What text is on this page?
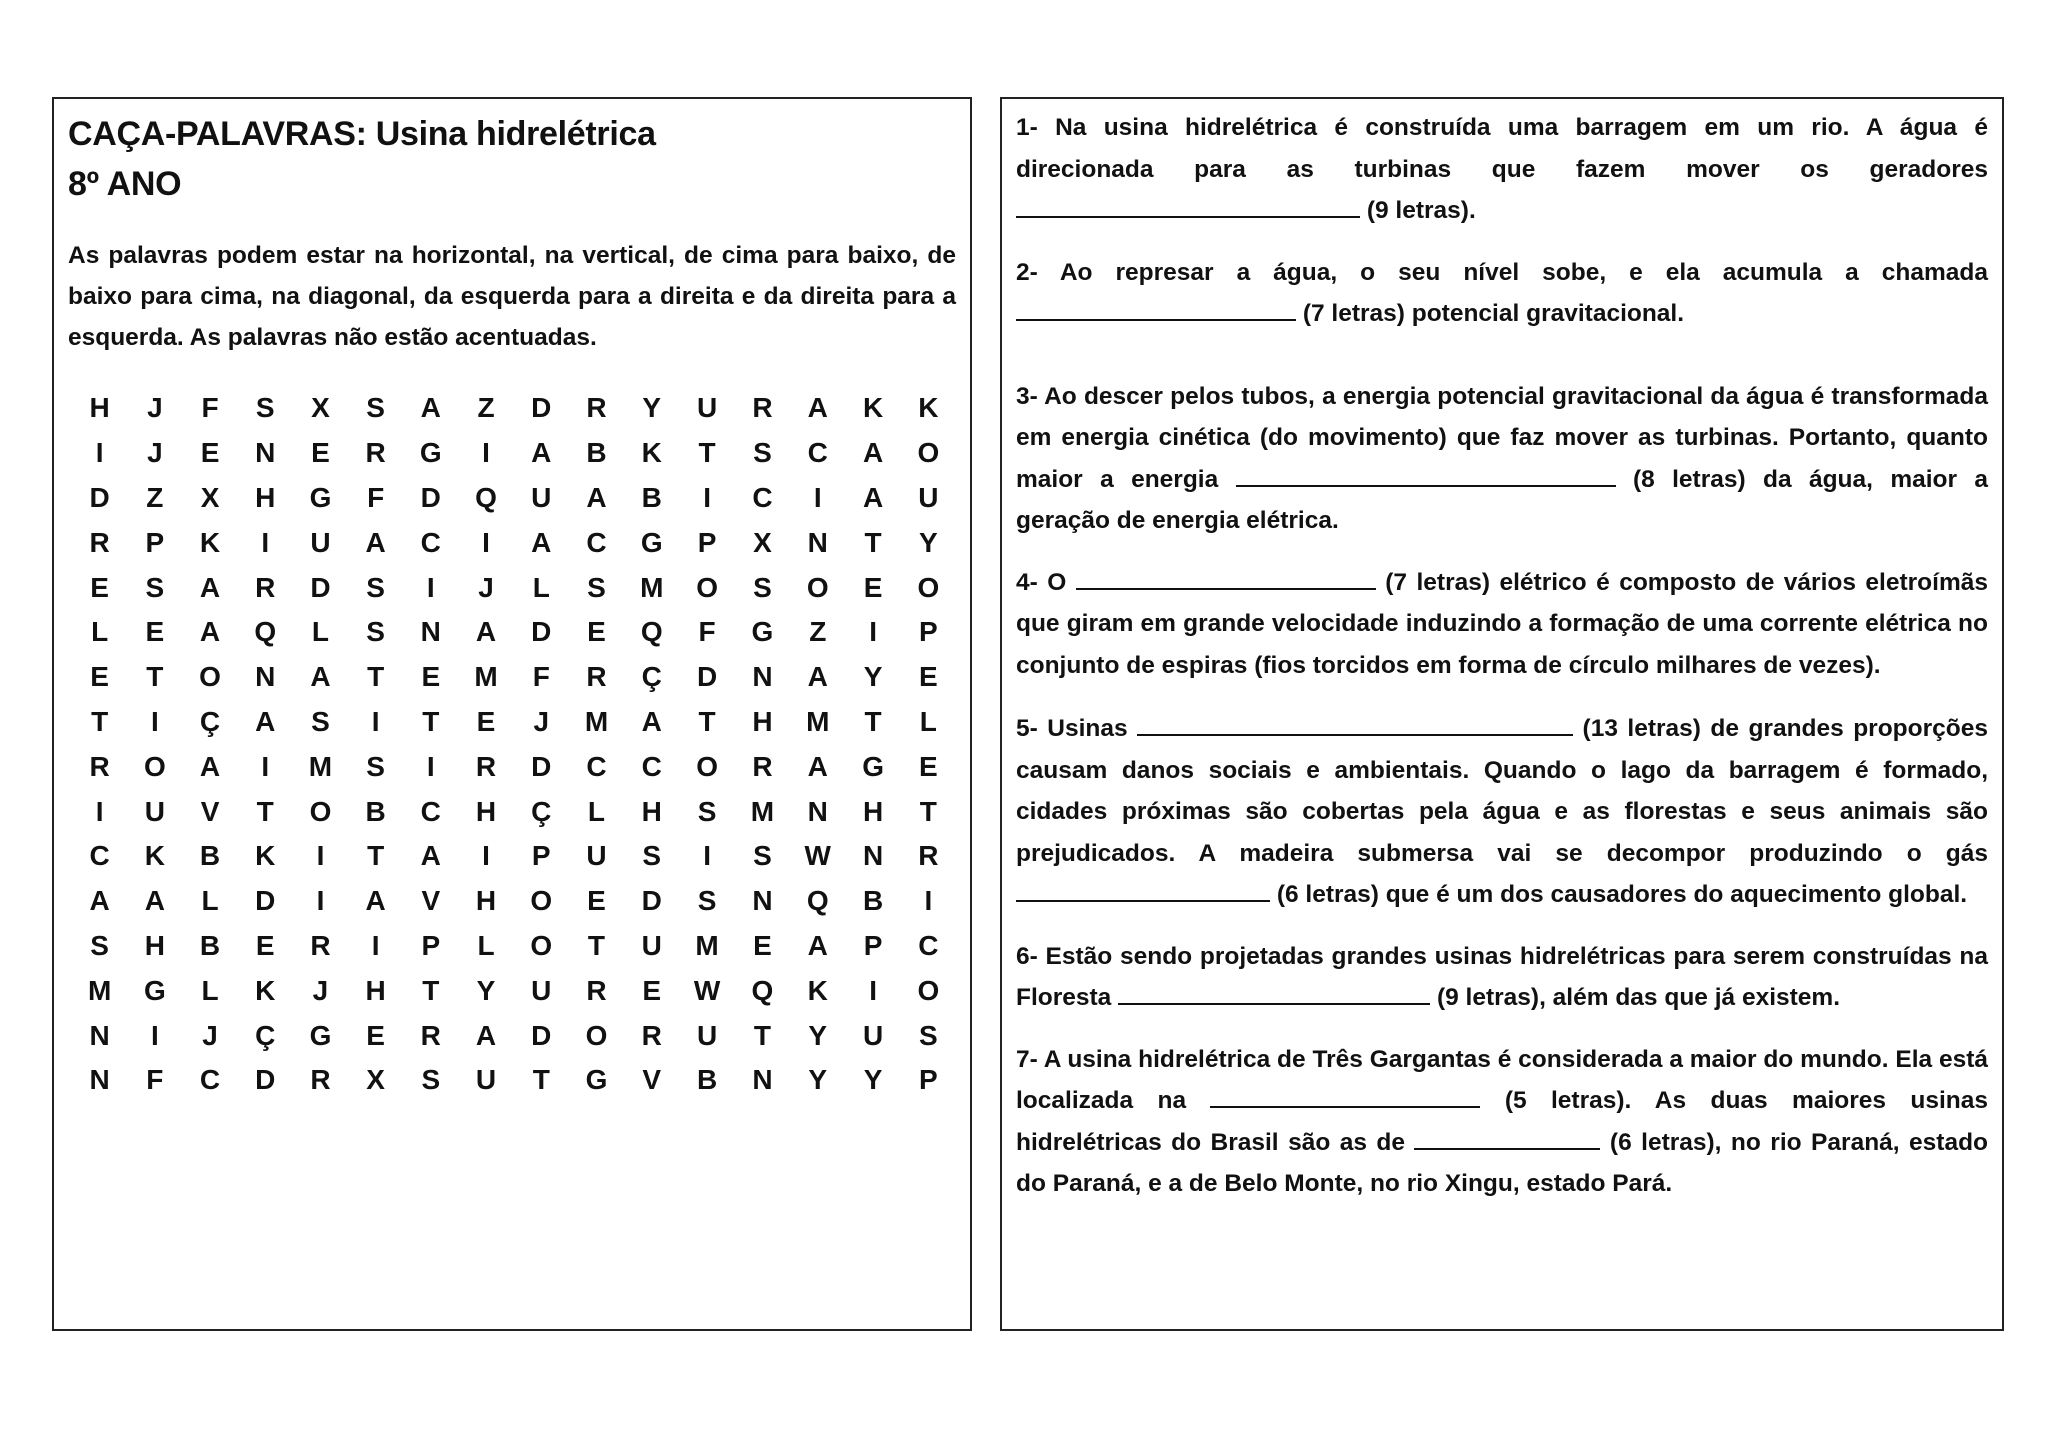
CAÇA-PALAVRAS: Usina hidrelétrica
8º ANO
As palavras podem estar na horizontal, na vertical, de cima para baixo, de baixo para cima, na diagonal, da esquerda para a direita e da direita para a esquerda. As palavras não estão acentuadas.
H	J	F	S	X	S	A	Z	D	R	Y	U	R	A	K	K
I	J	E	N	E	R	G	I	A	B	K	T	S	C	A	O
D	Z	X	H	G	F	D	Q	U	A	B	I	C	I	A	U
R	P	K	I	U	A	C	I	A	C	G	P	X	N	T	Y
E	S	A	R	D	S	I	J	L	S	M	O	S	O	E	O
L	E	A	Q	L	S	N	A	D	E	Q	F	G	Z	I	P
E	T	O	N	A	T	E	M	F	R	Ç	D	N	A	Y	E
T	I	Ç	A	S	I	T	E	J	M	A	T	H	M	T	L
R	O	A	I	M	S	I	R	D	C	C	O	R	A	G	E
I	U	V	T	O	B	C	H	Ç	L	H	S	M	N	H	T
C	K	B	K	I	T	A	I	P	U	S	I	S	W	N	R
A	A	L	D	I	A	V	H	O	E	D	S	N	Q	B	I
S	H	B	E	R	I	P	L	O	T	U	M	E	A	P	C
M	G	L	K	J	H	T	Y	U	R	E	W	Q	K	I	O
N	I	J	Ç	G	E	R	A	D	O	R	U	T	Y	U	S
N	F	C	D	R	X	S	U	T	G	V	B	N	Y	Y	P
1- Na usina hidrelétrica é construída uma barragem em um rio. A água é direcionada para as turbinas que fazem mover os geradores  (9 letras).
2- Ao represar a água, o seu nível sobe, e ela acumula a chamada  (7 letras) potencial gravitacional.
3- Ao descer pelos tubos, a energia potencial gravitacional da água é transformada em energia cinética (do movimento) que faz mover as turbinas. Portanto, quanto maior a energia	(8 letras) da água, maior a geração de energia elétrica.
4- O	(7 letras) elétrico é composto de vários eletroímãs que giram em grande velocidade induzindo a formação de uma corrente elétrica no conjunto de espiras (fios torcidos em forma de círculo milhares de vezes).
5- Usinas	(13 letras) de grandes proporções causam danos sociais e ambientais. Quando o lago da barragem é formado, cidades próximas são cobertas pela água e as florestas e seus animais são prejudicados. A madeira submersa vai se decompor produzindo o gás  (6 letras) que é um dos causadores do aquecimento global.
6- Estão sendo projetadas grandes usinas hidrelétricas para serem construídas na Floresta	(9 letras), além das que já existem.
7- A usina hidrelétrica de Três Gargantas é considerada a maior do mundo. Ela está localizada na	(5 letras). As duas maiores usinas hidrelétricas do Brasil são as de	(6 letras), no rio Paraná, estado do Paraná, e a de Belo Monte, no rio Xingu, estado Pará.
